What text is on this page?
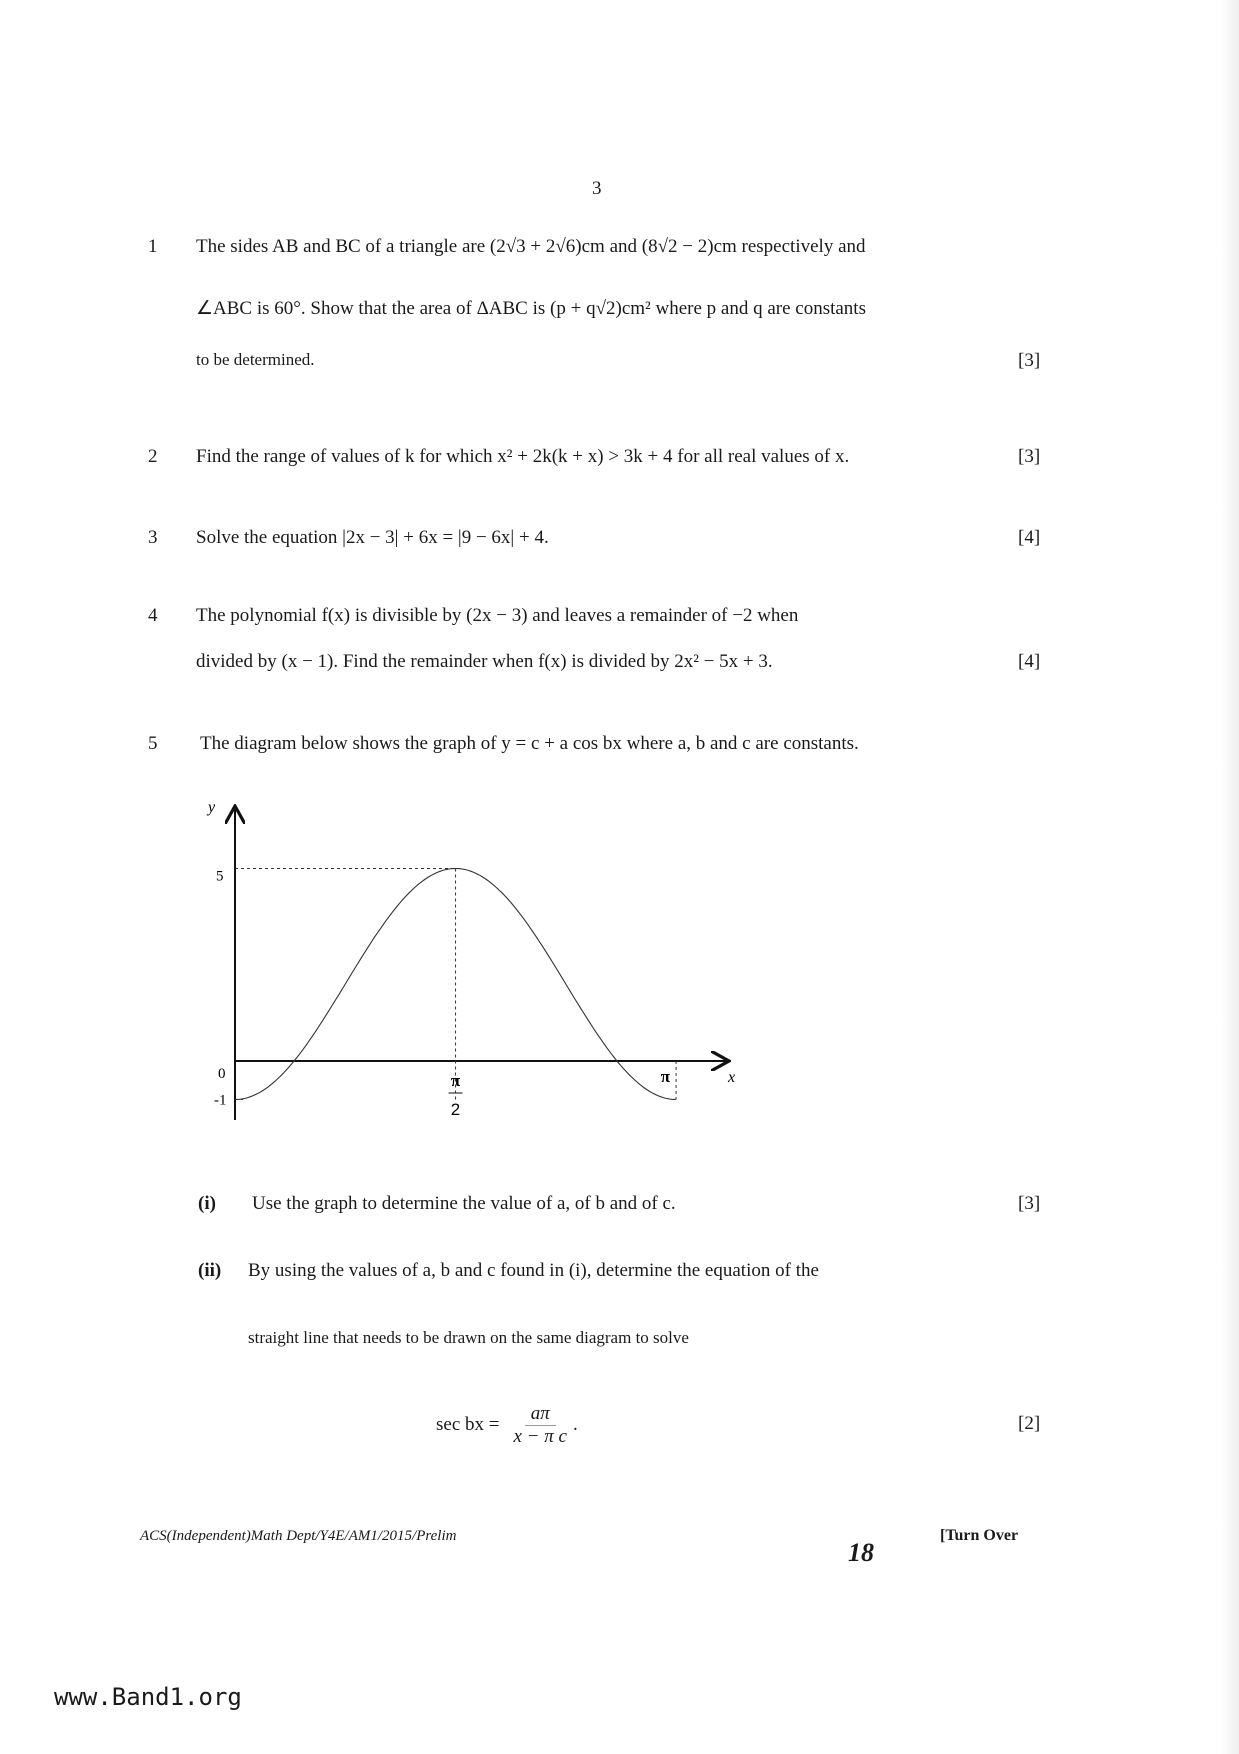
3
1 The sides AB and BC of a triangle are (2√3 + 2√6)cm and (8√2 − 2)cm respectively and
∠ABC is 60°. Show that the area of ΔABC is (p + q√2)cm² where p and q are constants
to be determined.	[3]
2 Find the range of values of k for which x² + 2k(k + x) > 3k + 4 for all real values of x.	[3]
3 Solve the equation |2x − 3| + 6x = |9 − 6x| + 4.	[4]
4 The polynomial f(x) is divisible by (2x − 3) and leaves a remainder of −2 when
divided by (x − 1). Find the remainder when f(x) is divided by 2x² − 5x + 3.	[4]
5 The diagram below shows the graph of y = c + a cos bx where a, b and c are constants.
y
x
5
0
-1
π
2
π
(i) Use the graph to determine the value of a, of b and of c.	[3]
(ii) By using the values of a, b and c found in (i), determine the equation of the
straight line that needs to be drawn on the same diagram to solve
sec bx = $\frac{a\pi}{\text{x − π c}}$ .	[2]
ACS(Independent)Math Dept/Y4E/AM1/2015/Prelim	[Turn Over
18
www.Band1.org
